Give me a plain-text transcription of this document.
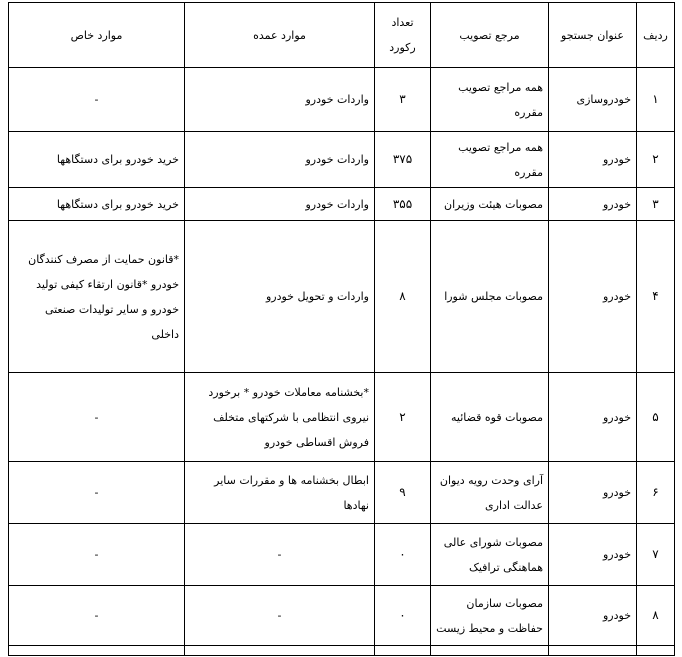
ردیف	عنوان جستجو	مرجع تصویب	تعداد رکورد	موارد عمده	موارد خاص
۱	خودروسازی	همه مراجع تصویب مقرره	۳	واردات خودرو	-
۲	خودرو	همه مراجع تصویب مقرره	۳۷۵	واردات خودرو	خرید خودرو برای دستگاهها
۳	خودرو	مصوبات هیئت وزیران	۳۵۵	واردات خودرو	خرید خودرو برای دستگاهها
۴	خودرو	مصوبات مجلس شورا	۸	واردات و تحویل خودرو	*قانون حمایت از مصرف کنندگان خودرو *قانون ارتقاء کیفی تولید خودرو و سایر تولیدات صنعتی داخلی
۵	خودرو	مصوبات قوه قضائیه	۲	*بخشنامه معاملات خودرو * برخورد نیروی انتظامی با شرکتهای متخلف فروش اقساطی خودرو	-
۶	خودرو	آرای وحدت رویه دیوان عدالت اداری	۹	ابطال بخشنامه ها و مقررات سایر نهادها	-
۷	خودرو	مصوبات شورای عالی هماهنگی ترافیک	۰	-	-
۸	خودرو	مصوبات سازمان حفاظت و محیط زیست	۰	-	-
